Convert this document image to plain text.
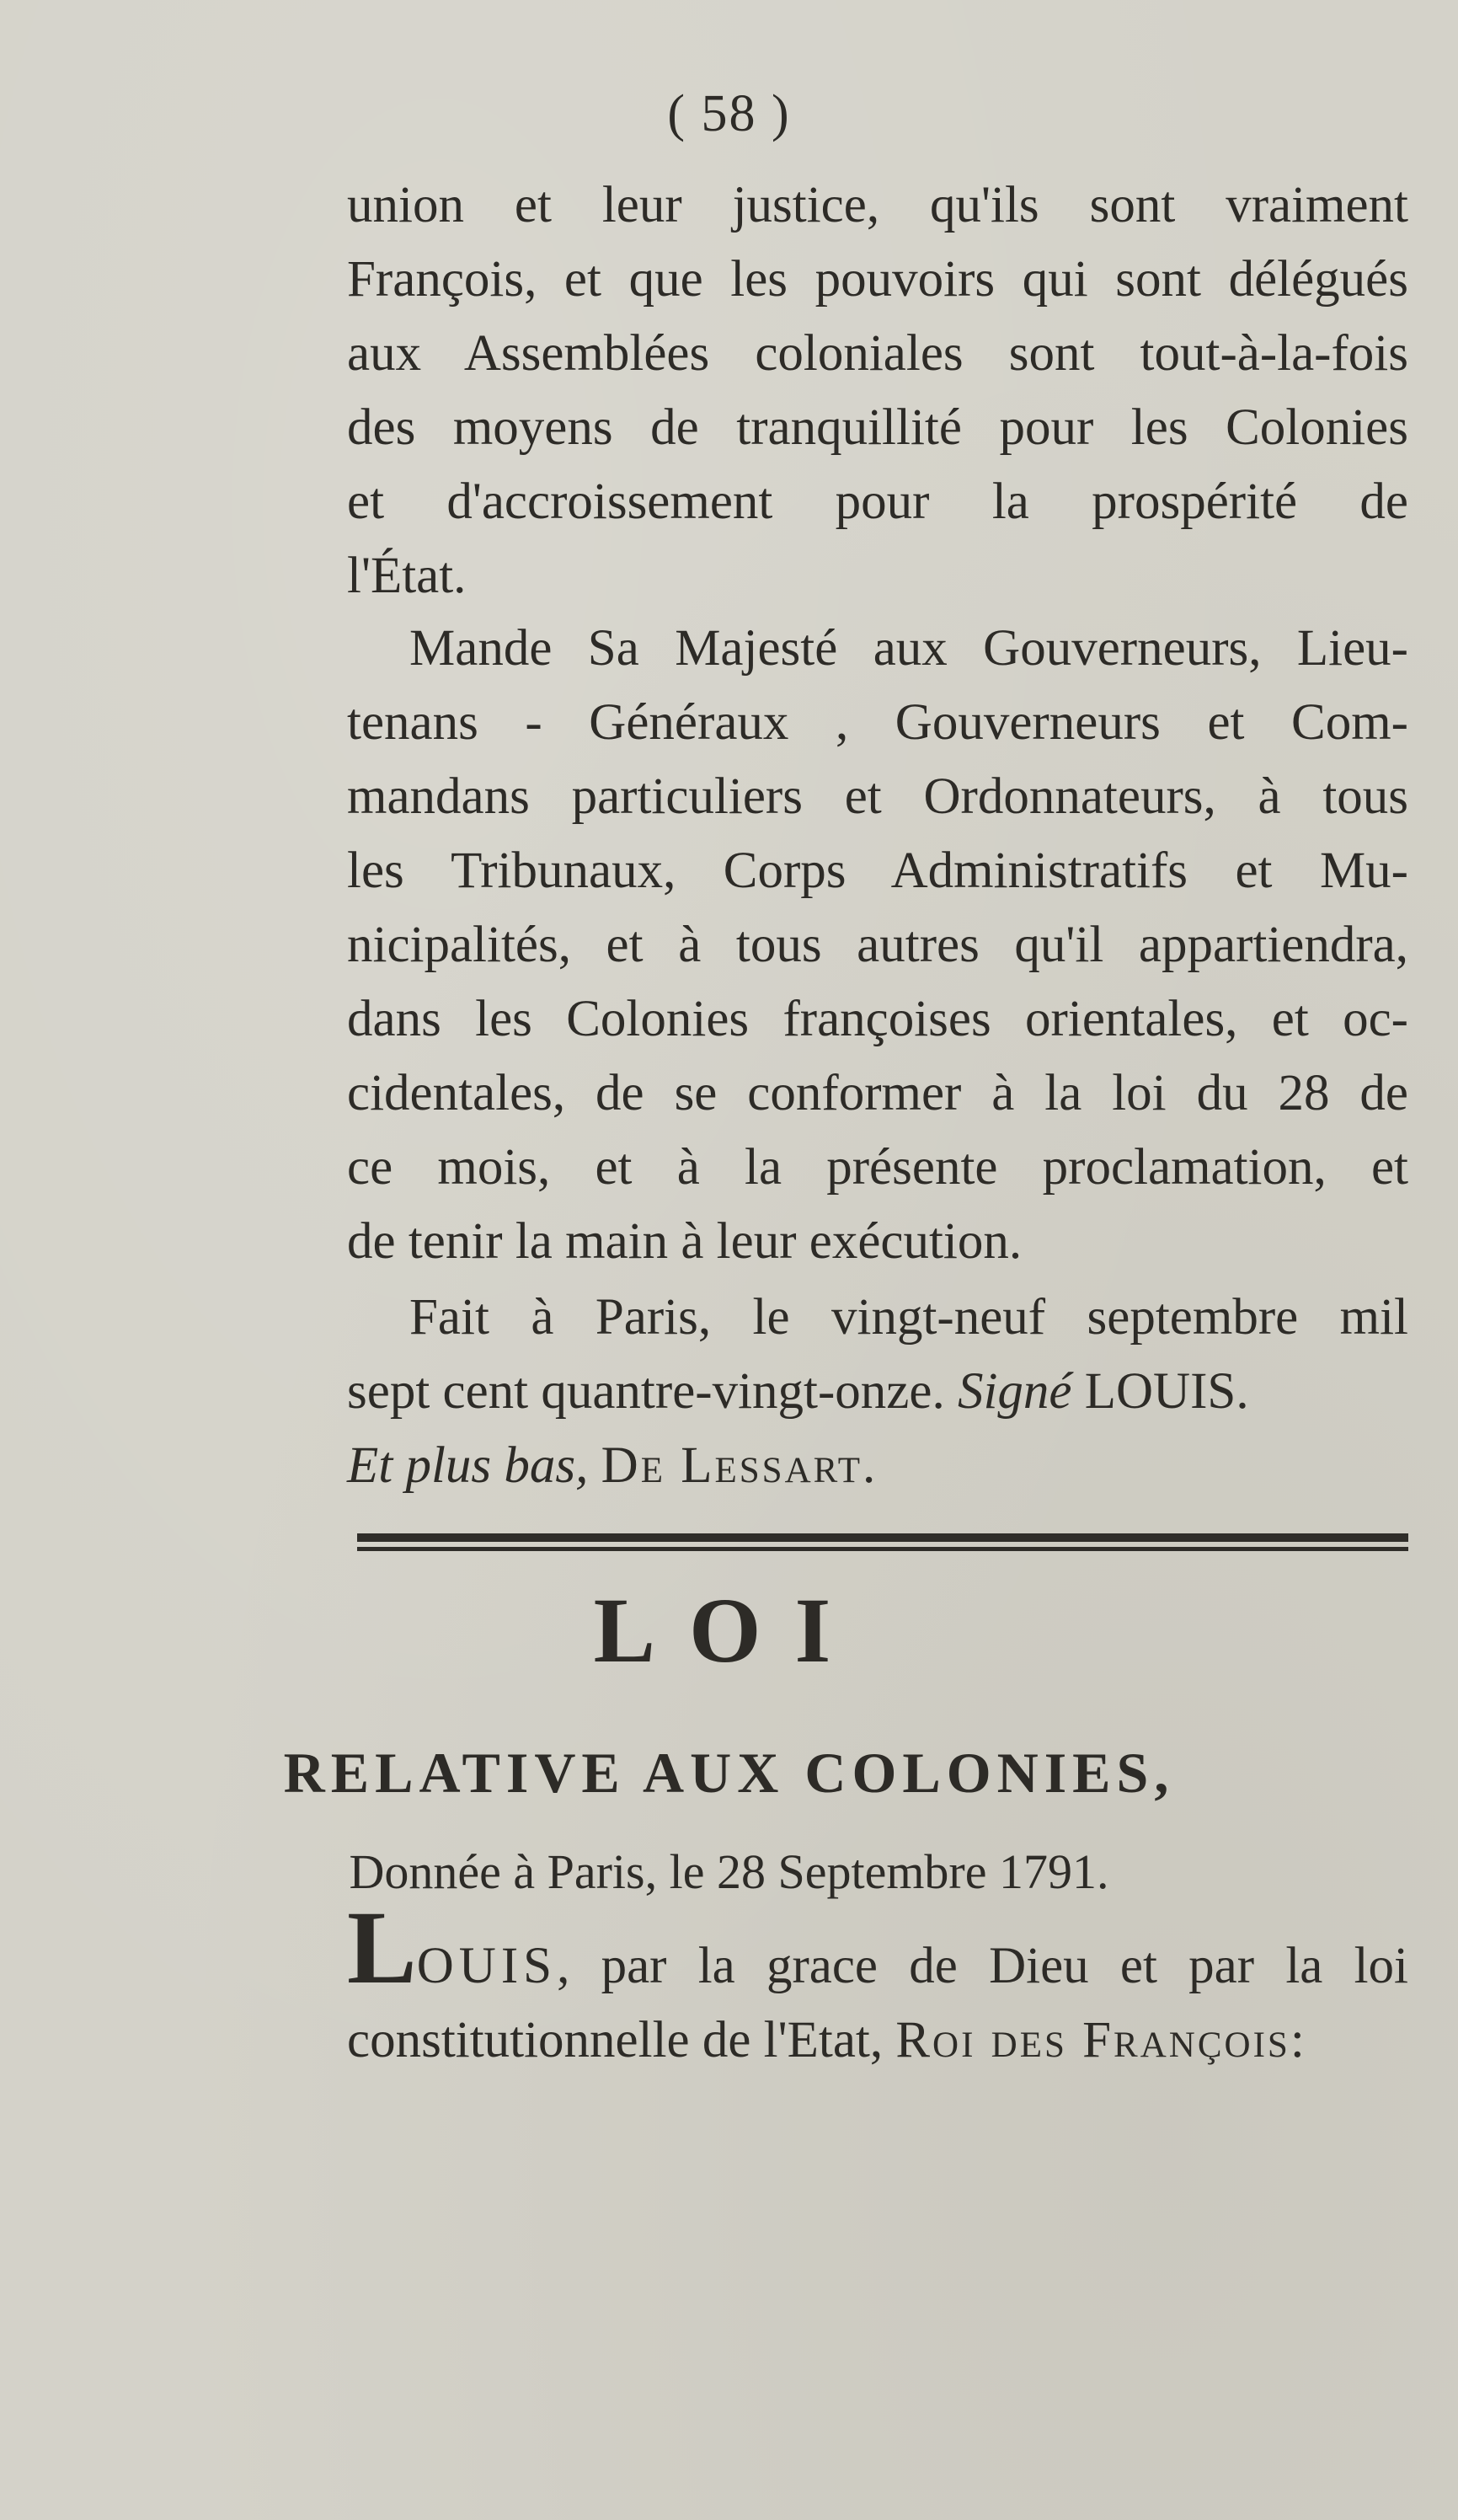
( 58 )
union et leur justice, qu'ils sont vraiment
François, et que les pouvoirs qui sont délégués
aux Assemblées coloniales sont tout-à-la-fois
des moyens de tranquillité pour les Colonies
et d'accroissement pour la prospérité de
l'État.
Mande Sa Majesté aux Gouverneurs, Lieu-
tenans - Généraux , Gouverneurs et Com-
mandans particuliers et Ordonnateurs, à tous
les Tribunaux, Corps Administratifs et Mu-
nicipalités, et à tous autres qu'il appartiendra,
dans les Colonies françoises orientales, et oc-
cidentales, de se conformer à la loi du 28 de
ce mois, et à la présente proclamation, et
de tenir la main à leur exécution.
Fait à Paris, le vingt-neuf septembre mil
sept cent quantre-vingt-onze. Signé LOUIS.
Et plus bas, De Lessart.
LOI
RELATIVE AUX COLONIES,
Donnée à Paris, le 28 Septembre 1791.
LOUIS, par la grace de Dieu et par la loi
constitutionnelle de l'Etat, Roi des François:
